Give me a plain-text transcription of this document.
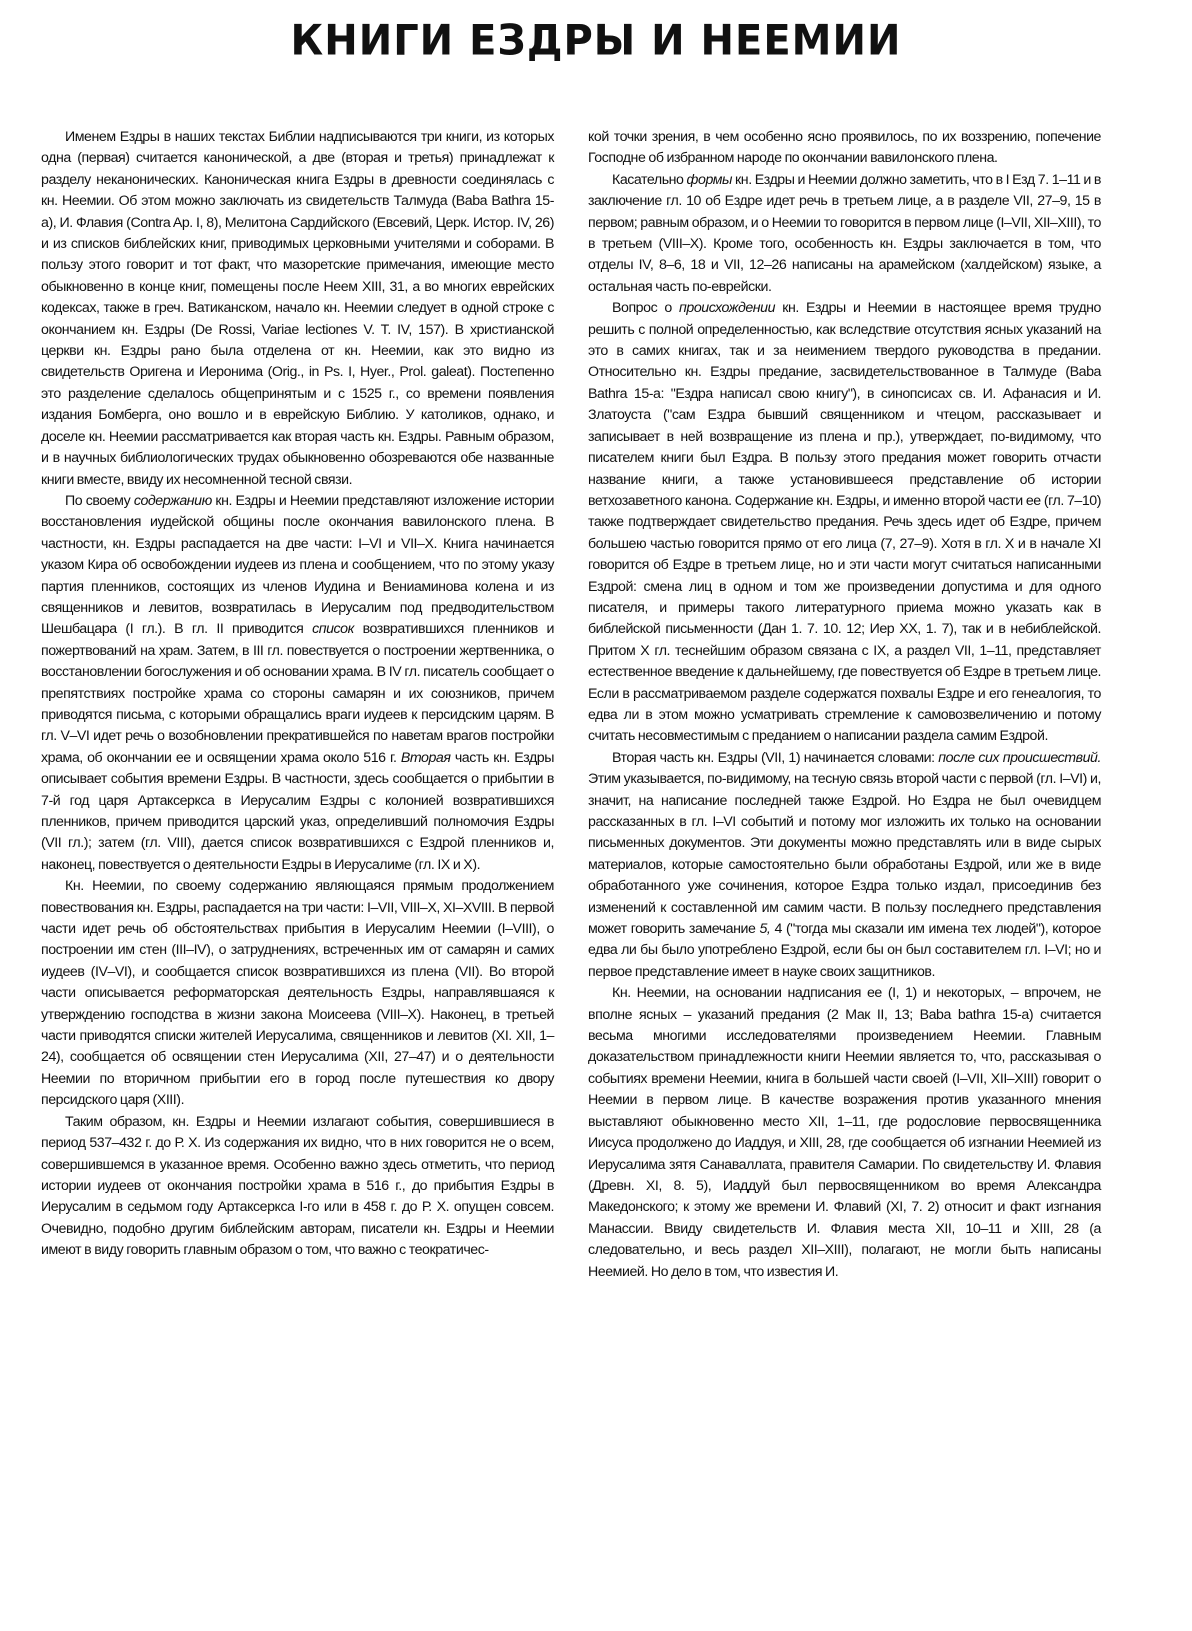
КНИГИ ЕЗДРЫ И НЕЕМИИ

Именем Ездры в наших текстах Библии надписываются три книги, из которых одна (первая) считается канонической, а две (вторая и третья) принадлежат к разделу неканонических. Каноническая книга Ездры в древности соединялась с кн. Неемии. Об этом можно заключать из свидетельств Талмуда (Baba Bathra 15-а), И. Флавия (Contra Ap. I, 8), Мелитона Сардийского (Евсевий, Церк. Истор. IV, 26) и из списков библейских книг, приводимых церковными учителями и соборами. В пользу этого говорит и тот факт, что мазоретские примечания, имеющие место обыкновенно в конце книг, помещены после Неем XIII, 31, а во многих еврейских кодексах, также в греч. Ватиканском, начало кн. Неемии следует в одной строке с окончанием кн. Ездры (De Rossi, Variae lectiones V. T. IV, 157). В христианской церкви кн. Ездры рано была отделена от кн. Неемии, как это видно из свидетельств Оригена и Иеронима (Orig., in Ps. I, Hyer., Prol. galeat). Постепенно это разделение сделалось общепринятым и с 1525 г., со времени появления издания Бомберга, оно вошло и в еврейскую Библию. У католиков, однако, и доселе кн. Неемии рассматривается как вторая часть кн. Ездры. Равным образом, и в научных библиологических трудах обыкновенно обозреваются обе названные книги вместе, ввиду их несомненной тесной связи.

По своему содержанию кн. Ездры и Неемии представляют изложение истории восстановления иудейской общины после окончания вавилонского плена. В частности, кн. Ездры распадается на две части: I–VI и VII–X. Книга начинается указом Кира об освобождении иудеев из плена и сообщением, что по этому указу партия пленников, состоящих из членов Иудина и Вениаминова колена и из священников и левитов, возвратилась в Иерусалим под предводительством Шешбацара (I гл.). В гл. II приводится список возвратившихся пленников и пожертвований на храм. Затем, в III гл. повествуется о построении жертвенника, о восстановлении богослужения и об основании храма. В IV гл. писатель сообщает о препятствиях постройке храма со стороны самарян и их союзников, причем приводятся письма, с которыми обращались враги иудеев к персидским царям. В гл. V–VI идет речь о возобновлении прекратившейся по наветам врагов постройки храма, об окончании ее и освящении храма около 516 г. Вторая часть кн. Ездры описывает события времени Ездры. В частности, здесь сообщается о прибытии в 7-й год царя Артаксеркса в Иерусалим Ездры с колонией возвратившихся пленников, причем приводится царский указ, определивший полномочия Ездры (VII гл.); затем (гл. VIII), дается список возвратившихся с Ездрой пленников и, наконец, повествуется о деятельности Ездры в Иерусалиме (гл. IX и X).

Кн. Неемии, по своему содержанию являющаяся прямым продолжением повествования кн. Ездры, распадается на три части: I–VII, VIII–X, XI–XVIII. В первой части идет речь об обстоятельствах прибытия в Иерусалим Неемии (I–VIII), о построении им стен (III–IV), о затруднениях, встреченных им от самарян и самих иудеев (IV–VI), и сообщается список возвратившихся из плена (VII). Во второй части описывается реформаторская деятельность Ездры, направлявшаяся к утверждению господства в жизни закона Моисеева (VIII–X). Наконец, в третьей части приводятся списки жителей Иерусалима, священников и левитов (XI. XII, 1–24), сообщается об освящении стен Иерусалима (XII, 27–47) и о деятельности Неемии по вторичном прибытии его в город после путешествия ко двору персидского царя (XIII).

Таким образом, кн. Ездры и Неемии излагают события, совершившиеся в период 537–432 г. до Р. Х. Из содержания их видно, что в них говорится не о всем, совершившемся в указанное время. Особенно важно здесь отметить, что период истории иудеев от окончания постройки храма в 516 г., до прибытия Ездры в Иерусалим в седьмом году Артаксеркса I-го или в 458 г. до Р. Х. опущен совсем. Очевидно, подобно другим библейским авторам, писатели кн. Ездры и Неемии имеют в виду говорить главным образом о том, что важно с теократичес-

кой точки зрения, в чем особенно ясно проявилось, по их воззрению, попечение Господне об избранном народе по окончании вавилонского плена.

Касательно формы кн. Ездры и Неемии должно заметить, что в I Езд 7. 1–11 и в заключение гл. 10 об Ездре идет речь в третьем лице, а в разделе VII, 27–9, 15 в первом; равным образом, и о Неемии то говорится в первом лице (I–VII, XII–XIII), то в третьем (VIII–X). Кроме того, особенность кн. Ездры заключается в том, что отделы IV, 8–6, 18 и VII, 12–26 написаны на арамейском (халдейском) языке, а остальная часть по-еврейски.

Вопрос о происхождении кн. Ездры и Неемии в настоящее время трудно решить с полной определенностью, как вследствие отсутствия ясных указаний на это в самих книгах, так и за неимением твердого руководства в предании. Относительно кн. Ездры предание, засвидетельствованное в Талмуде (Baba Bathra 15-а: "Ездра написал свою книгу"), в синопсисах св. И. Афанасия и И. Златоуста ("сам Ездра бывший священником и чтецом, рассказывает и записывает в ней возвращение из плена и пр.), утверждает, по-видимому, что писателем книги был Ездра. В пользу этого предания может говорить отчасти название книги, а также установившееся представление об истории ветхозаветного канона. Содержание кн. Ездры, и именно второй части ее (гл. 7–10) также подтверждает свидетельство предания. Речь здесь идет об Ездре, причем большею частью говорится прямо от его лица (7, 27–9). Хотя в гл. X и в начале XI говорится об Ездре в третьем лице, но и эти части могут считаться написанными Ездрой: смена лиц в одном и том же произведении допустима и для одного писателя, и примеры такого литературного приема можно указать как в библейской письменности (Дан 1. 7. 10. 12; Иер XX, 1. 7), так и в небиблейской. Притом X гл. теснейшим образом связана с IX, а раздел VII, 1–11, представляет естественное введение к дальнейшему, где повествуется об Ездре в третьем лице. Если в рассматриваемом разделе содержатся похвалы Ездре и его генеалогия, то едва ли в этом можно усматривать стремление к самовозвеличению и потому считать несовместимым с преданием о написании раздела самим Ездрой.

Вторая часть кн. Ездры (VII, 1) начинается словами: после сих происшествий. Этим указывается, по-видимому, на тесную связь второй части с первой (гл. I–VI) и, значит, на написание последней также Ездрой. Но Ездра не был очевидцем рассказанных в гл. I–VI событий и потому мог изложить их только на основании письменных документов. Эти документы можно представлять или в виде сырых материалов, которые самостоятельно были обработаны Ездрой, или же в виде обработанного уже сочинения, которое Ездра только издал, присоединив без изменений к составленной им самим части. В пользу последнего представления может говорить замечание 5, 4 ("тогда мы сказали им имена тех людей"), которое едва ли бы было употреблено Ездрой, если бы он был составителем гл. I–VI; но и первое представление имеет в науке своих защитников.

Кн. Неемии, на основании надписания ее (I, 1) и некоторых, – впрочем, не вполне ясных – указаний предания (2 Мак II, 13; Baba bathra 15-а) считается весьма многими исследователями произведением Неемии. Главным доказательством принадлежности книги Неемии является то, что, рассказывая о событиях времени Неемии, книга в большей части своей (I–VII, XII–XIII) говорит о Неемии в первом лице. В качестве возражения против указанного мнения выставляют обыкновенно место XII, 1–11, где родословие первосвященника Иисуса продолжено до Иаддуя, и XIII, 28, где сообщается об изгнании Неемией из Иерусалима зятя Санаваллата, правителя Самарии. По свидетельству И. Флавия (Древн. XI, 8. 5), Иаддуй был первосвященником во время Александра Македонского; к этому же времени И. Флавий (XI, 7. 2) относит и факт изгнания Манассии. Ввиду свидетельств И. Флавия места XII, 10–11 и XIII, 28 (а следовательно, и весь раздел XII–XIII), полагают, не могли быть написаны Неемией. Но дело в том, что известия И.
